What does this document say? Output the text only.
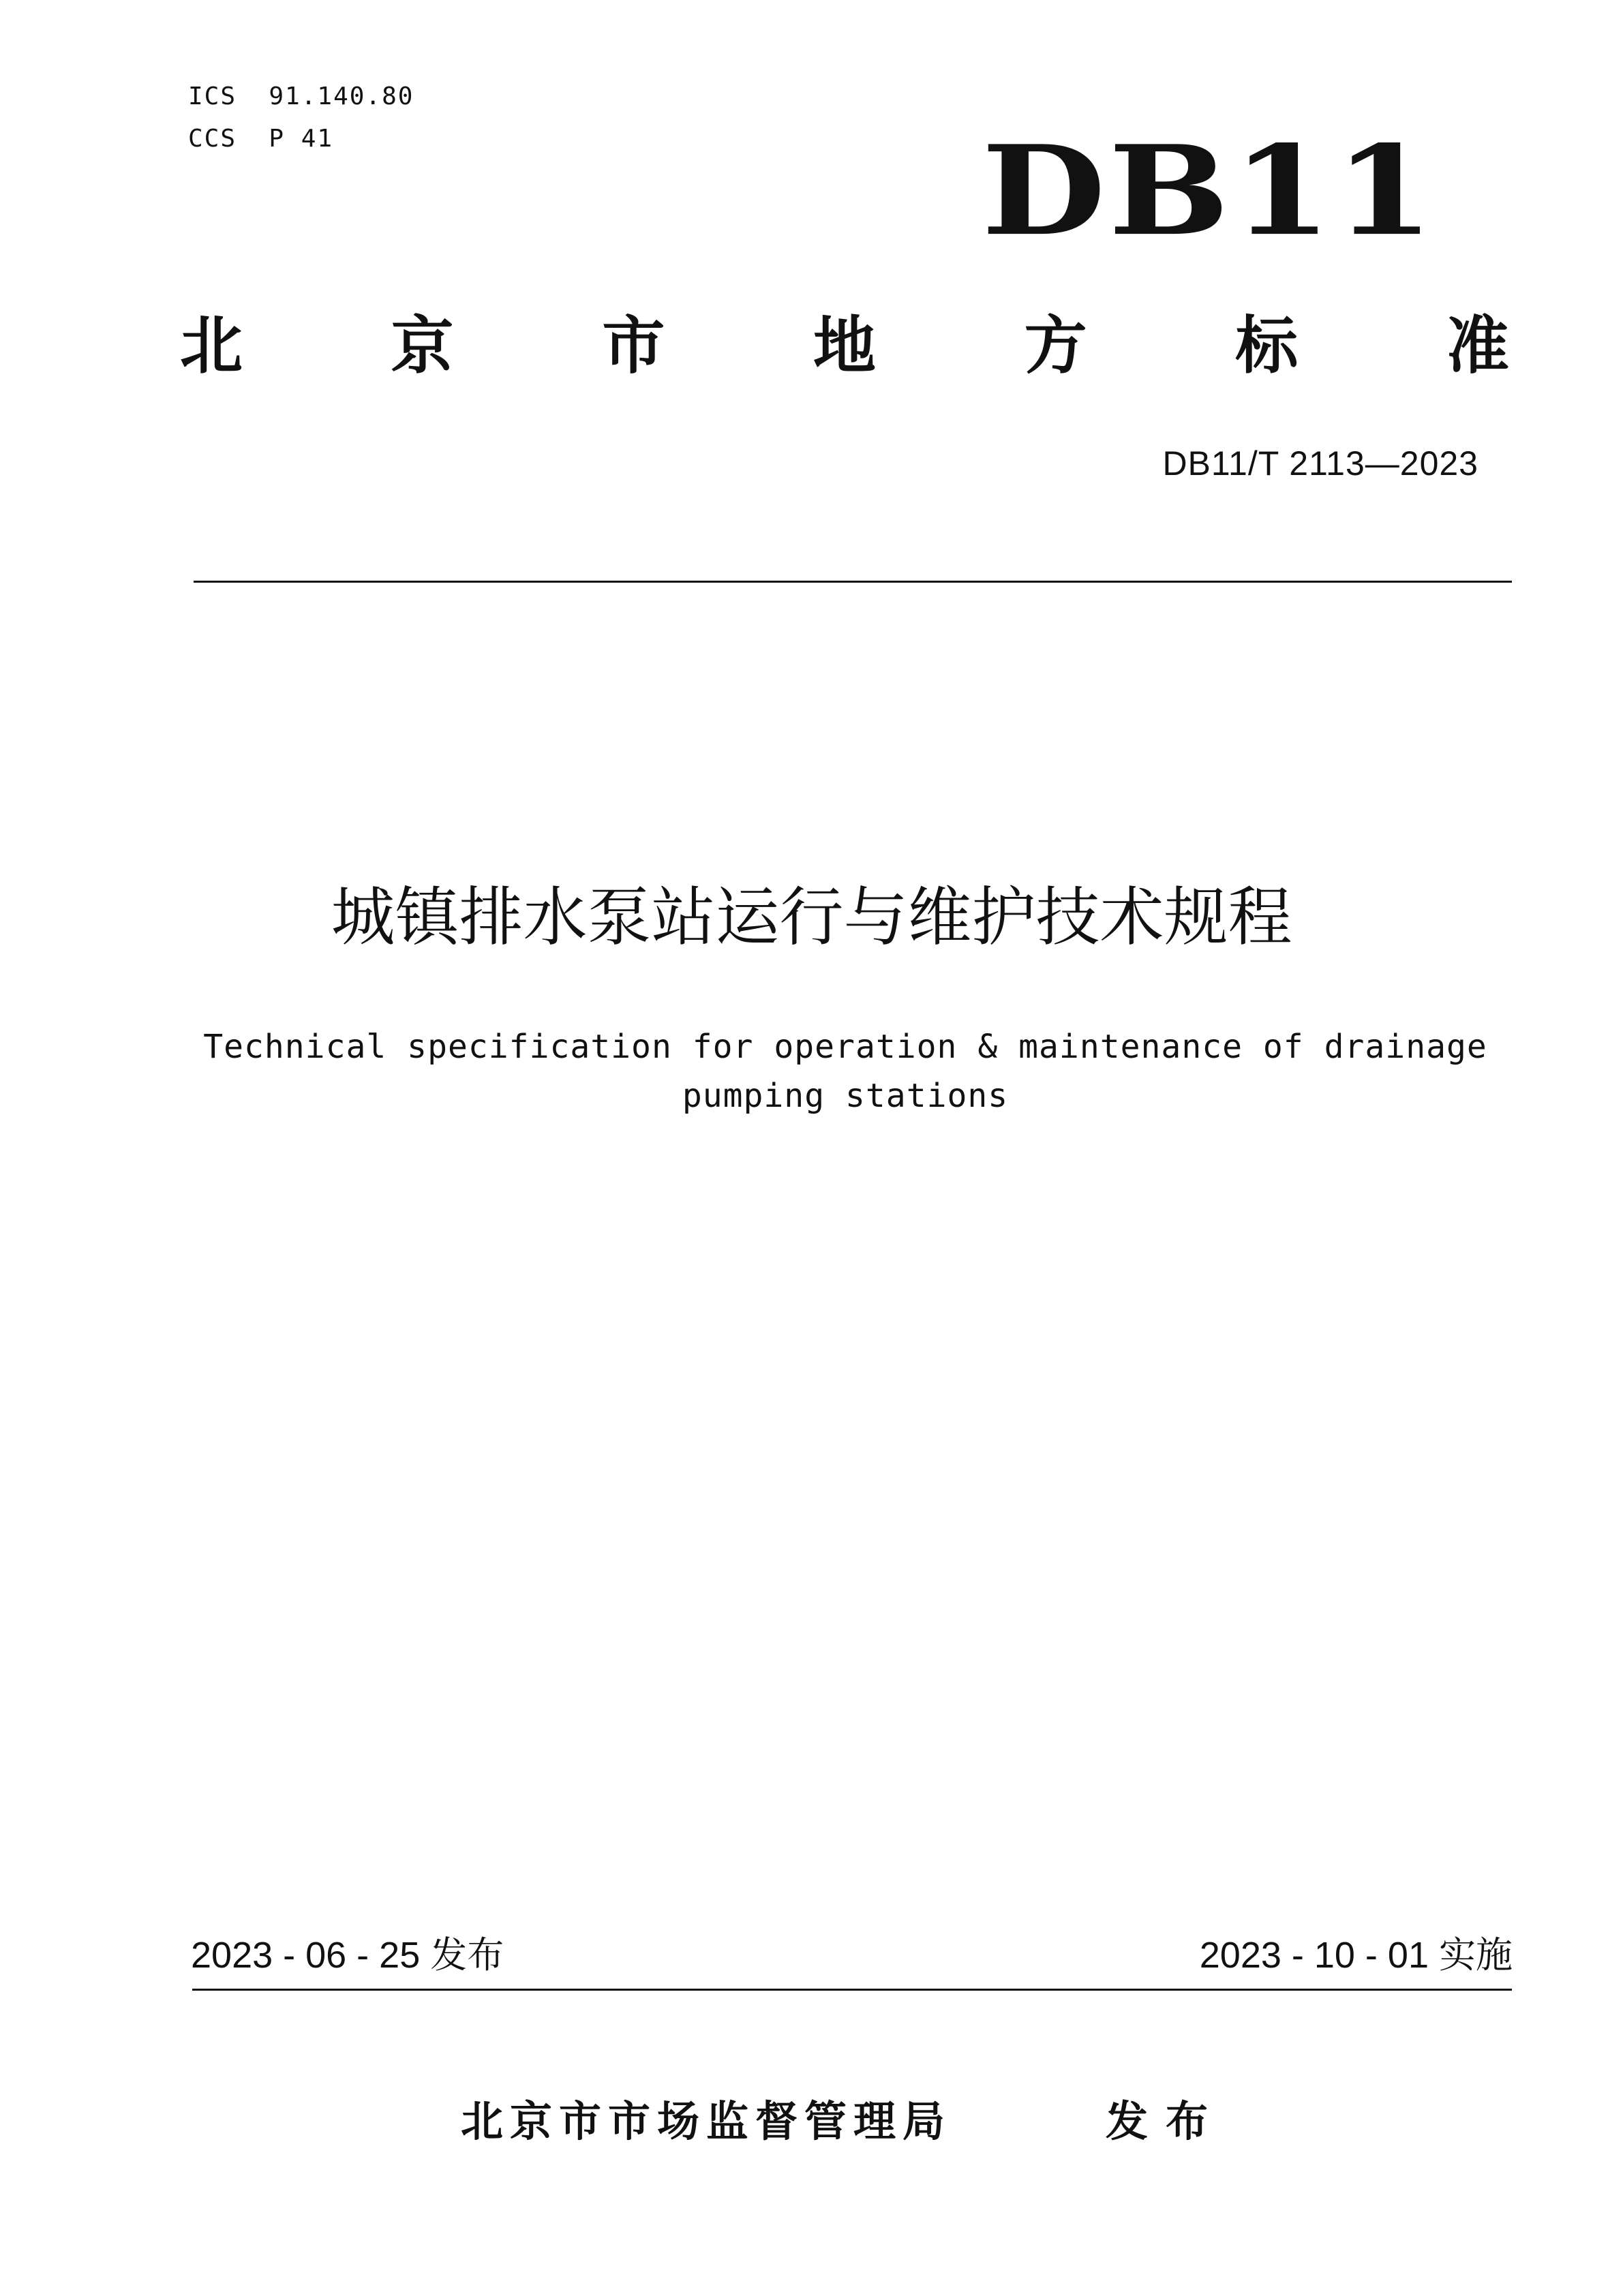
ICS  91.140.80
CCS  P 41	DB11
北 京 市 地 方 标 准
DB11/T 2113—2023
城镇排水泵站运行与维护技术规程
Technical specification for operation & maintenance of drainage
pumping stations
2023 - 06 - 25 发布	2023 - 10 - 01 实施
北京市市场监督管理局	发布
